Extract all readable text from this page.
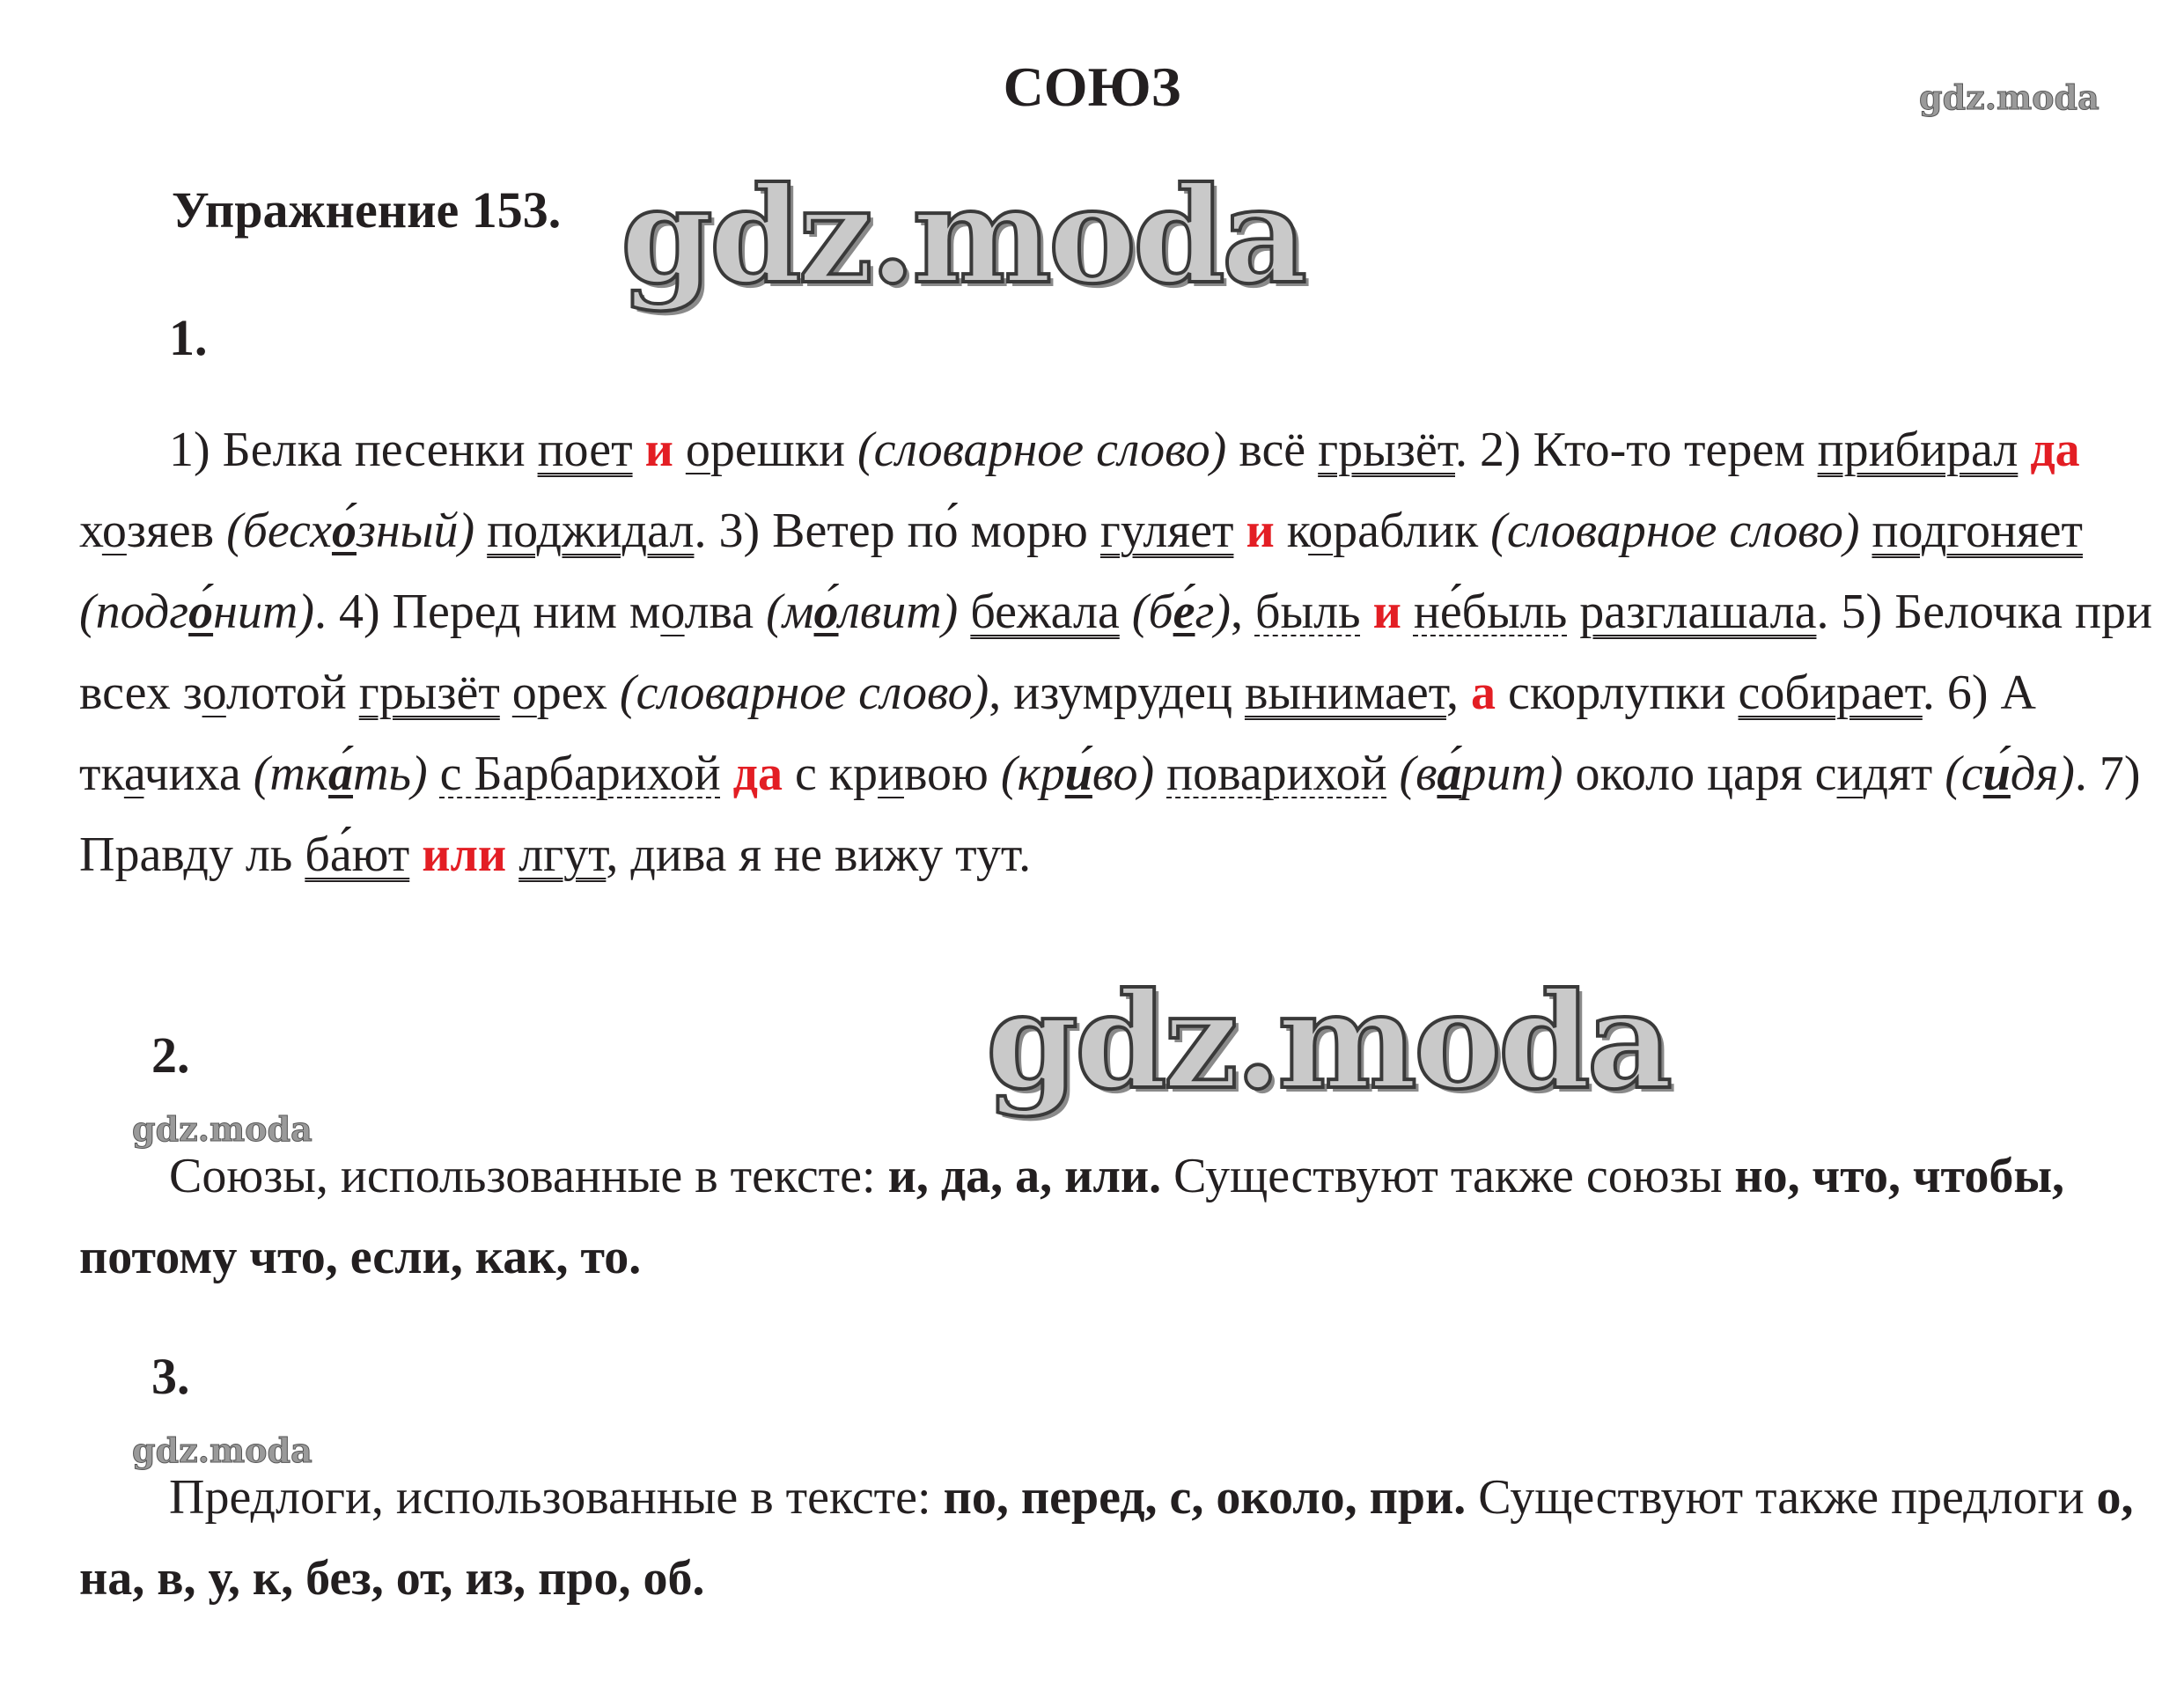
СОЮЗ
Упражнение 153. gdz.moda
gdz.moda
gdz.moda
gdz.moda
gdz.moda
1.

1) Белка песенки поет и орешки (словарное слово) всё грызёт. 2) Кто-то терем прибирал да хозяев (бесхо́зный) поджидал. 3) Ветер по́ морю гуляет и кораблик (словарное слово) подгоняет (подго́нит). 4) Перед ним молва (мо́лвит) бежала (бе́г), быль и не́быль разглашала. 5) Белочка при всех золотой грызёт орех (словарное слово), изумрудец вынимает, а скорлупки собирает. 6) А ткачиха (тка́ть) с Барбарихой да с кривою (кри́во) поварихой (ва́рит) около царя сидят (си́дя). 7) Правду ль ба́ют или лгут, дива я не вижу тут.

2.

Союзы, использованные в тексте: и, да, а, или. Существуют также союзы но, что, чтобы, потому что, если, как, то.

3.

Предлоги, использованные в тексте: по, перед, с, около, при. Существуют также предлоги о, на, в, у, к, без, от, из, про, об.
